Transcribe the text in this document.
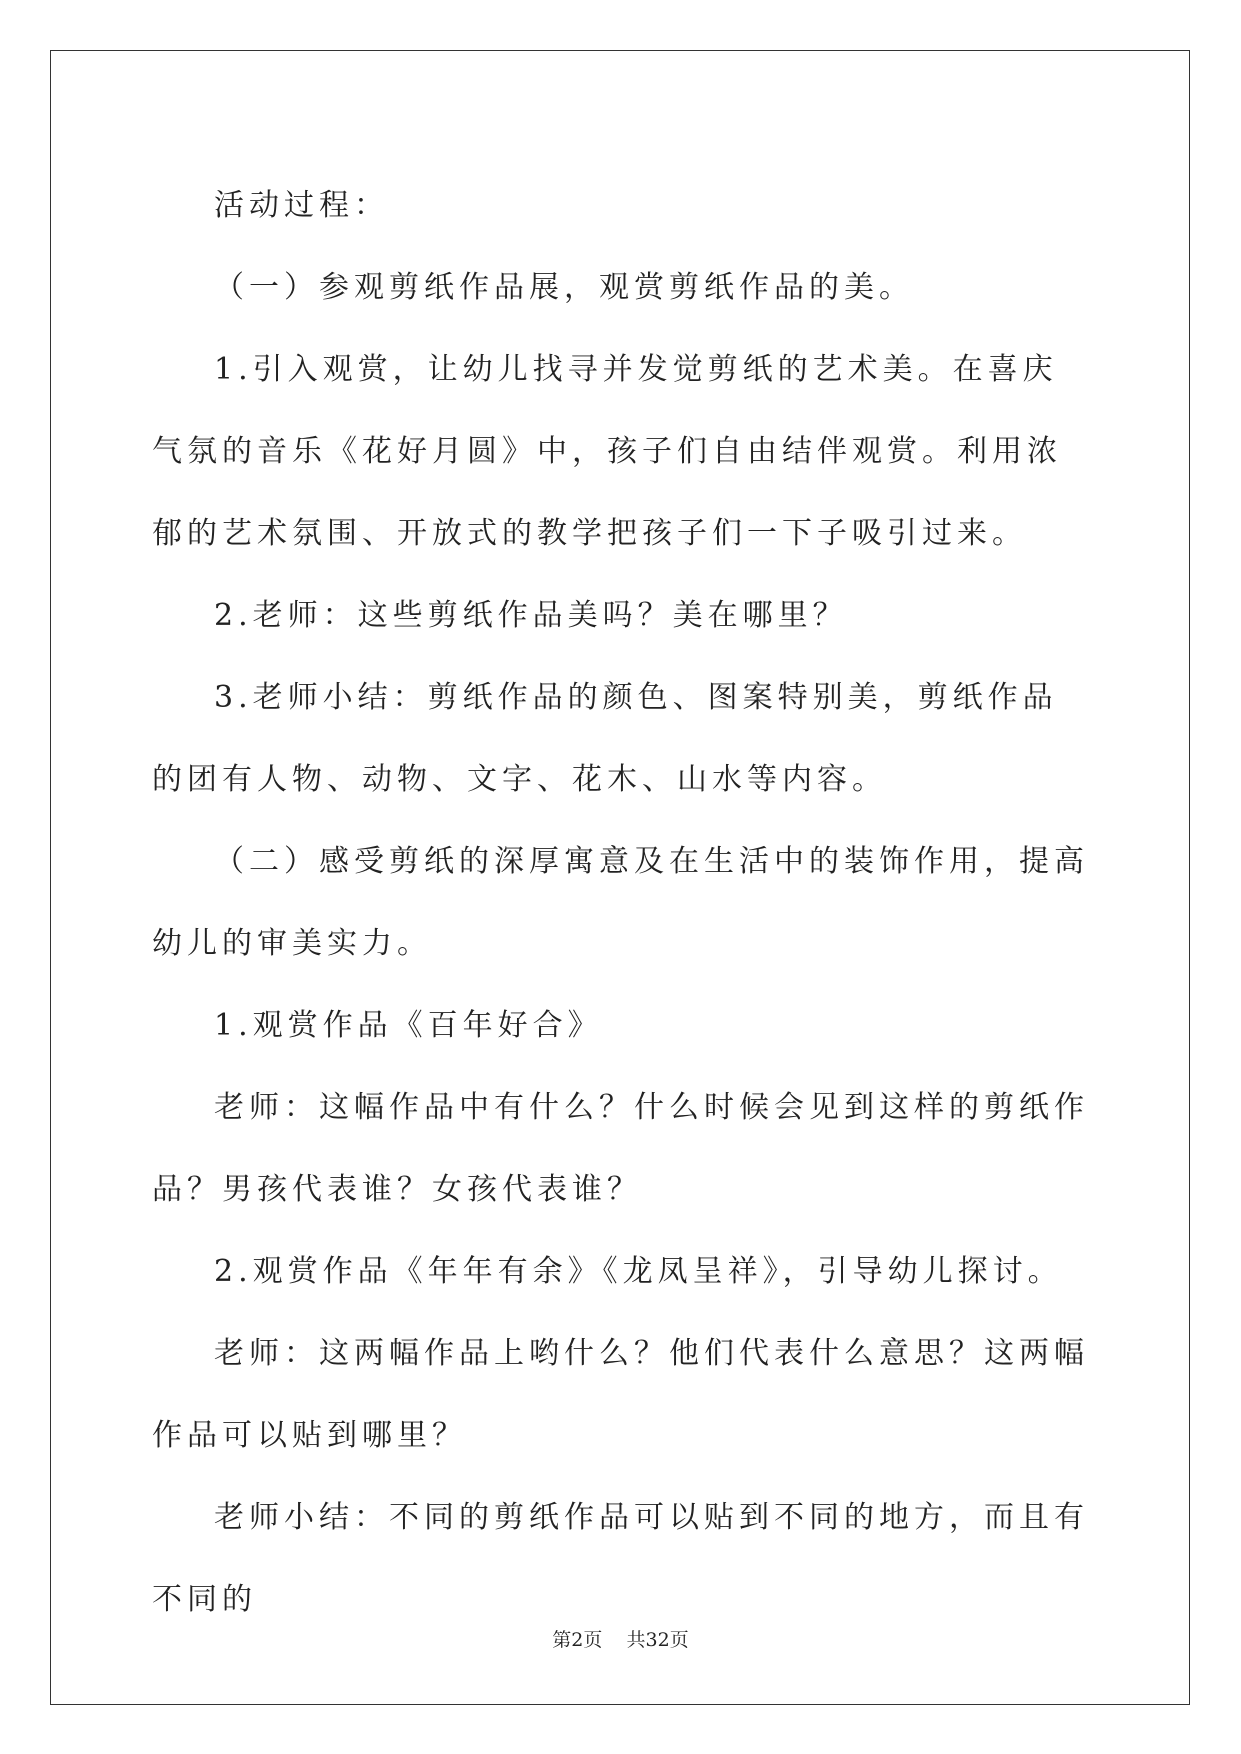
活动过程：

（一）参观剪纸作品展，观赏剪纸作品的美。

1.引入观赏，让幼儿找寻并发觉剪纸的艺术美。在喜庆气氛的音乐《花好月圆》中，孩子们自由结伴观赏。利用浓郁的艺术氛围、开放式的教学把孩子们一下子吸引过来。

2.老师：这些剪纸作品美吗？美在哪里？

3.老师小结：剪纸作品的颜色、图案特别美，剪纸作品的团有人物、动物、文字、花木、山水等内容。

（二）感受剪纸的深厚寓意及在生活中的装饰作用，提高幼儿的审美实力。

1.观赏作品《百年好合》

老师：这幅作品中有什么？什么时候会见到这样的剪纸作品？男孩代表谁？女孩代表谁？

2.观赏作品《年年有余》《龙凤呈祥》，引导幼儿探讨。

老师：这两幅作品上哟什么？他们代表什么意思？这两幅作品可以贴到哪里？

老师小结：不同的剪纸作品可以贴到不同的地方，而且有不同的

第2页 共32页
